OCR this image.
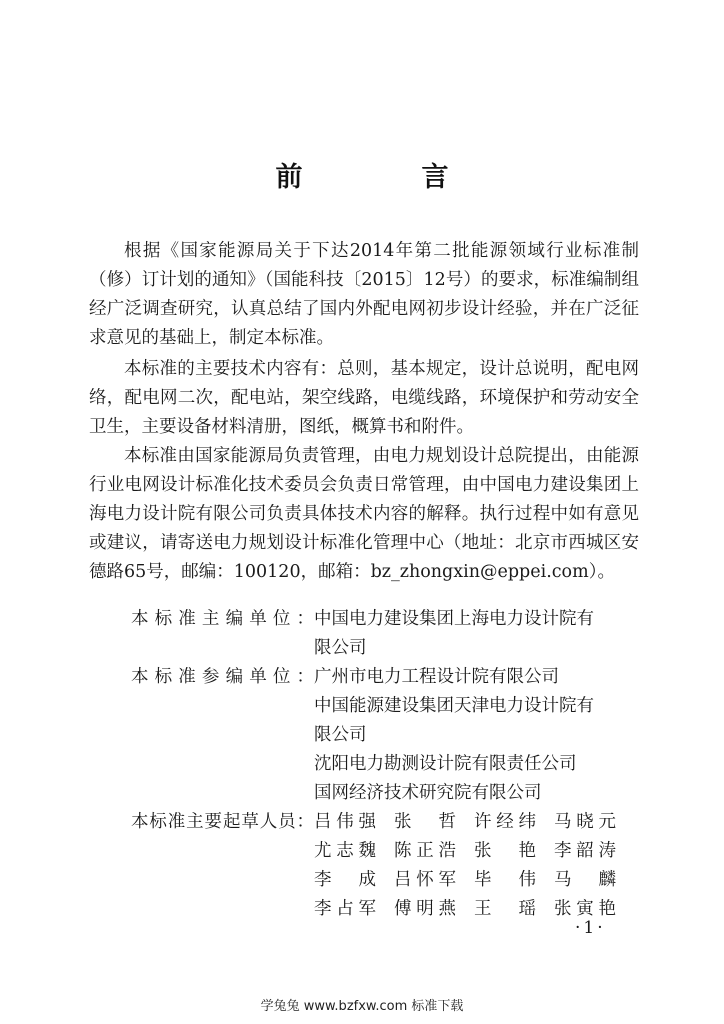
前　言

根据《国家能源局关于下达2014年第二批能源领域行业标准制（修）订计划的通知》（国能科技〔2015〕12号）的要求，标准编制组经广泛调查研究，认真总结了国内外配电网初步设计经验，并在广泛征求意见的基础上，制定本标准。

本标准的主要技术内容有：总则，基本规定，设计总说明，配电网络，配电网二次，配电站，架空线路，电缆线路，环境保护和劳动安全卫生，主要设备材料清册，图纸，概算书和附件。

本标准由国家能源局负责管理，由电力规划设计总院提出，由能源行业电网设计标准化技术委员会负责日常管理，由中国电力建设集团上海电力设计院有限公司负责具体技术内容的解释。执行过程中如有意见或建议，请寄送电力规划设计标准化管理中心（地址：北京市西城区安德路65号，邮编：100120，邮箱：bz_zhongxin@eppei.com）。

本标准主编单位： 中国电力建设集团上海电力设计院有
限公司
本标准参编单位： 广州市电力工程设计院有限公司
中国能源建设集团天津电力设计院有
限公司
沈阳电力勘测设计院有限责任公司
国网经济技术研究院有限公司
本标准主要起草人员： 吕伟强 张哲 许经纬 马晓元
尤志魏 陈正浩 张艳 李韶涛
李成 吕怀军 毕伟 马麟
李占军 傅明燕 王瑶 张寅艳
·1·
学兔兔 www.bzfxw.com 标准下载
